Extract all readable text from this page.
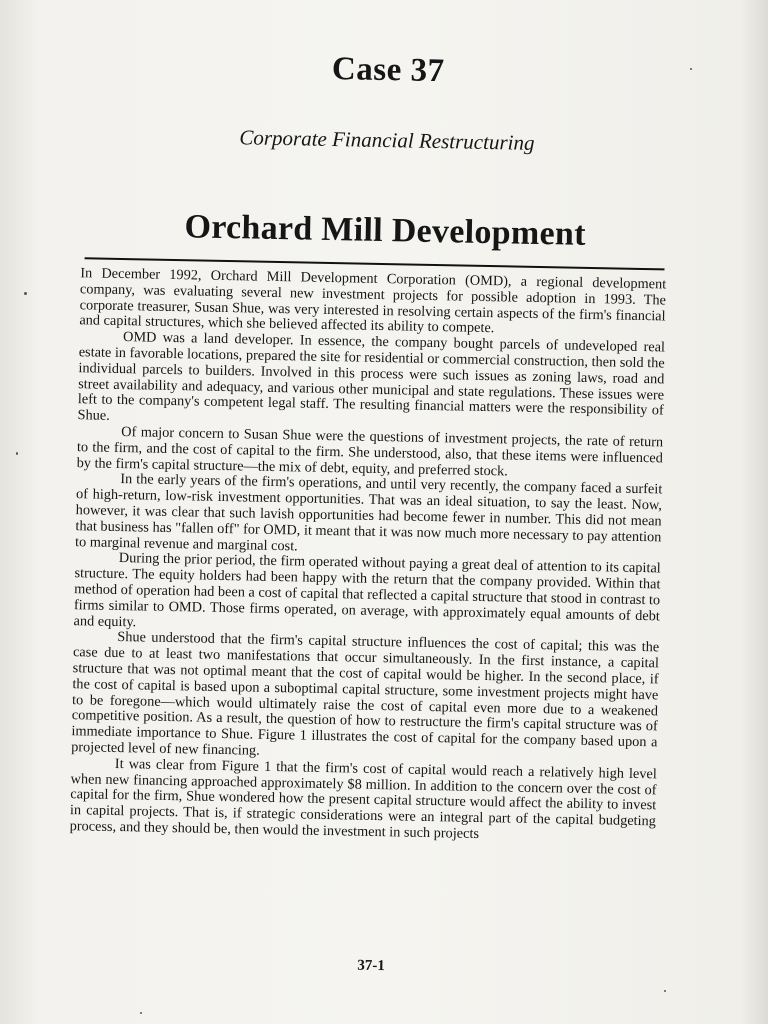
Case 37
Corporate Financial Restructuring
Orchard Mill Development

In December 1992, Orchard Mill Development Corporation (OMD), a regional development company, was evaluating several new investment projects for possible adoption in 1993. The corporate treasurer, Susan Shue, was very interested in resolving certain aspects of the firm's financial and capital structures, which she believed affected its ability to compete.

OMD was a land developer. In essence, the company bought parcels of undeveloped real estate in favorable locations, prepared the site for residential or commercial construction, then sold the individual parcels to builders. Involved in this process were such issues as zoning laws, road and street availability and adequacy, and various other municipal and state regulations. These issues were left to the company's competent legal staff. The resulting financial matters were the responsibility of Shue.

Of major concern to Susan Shue were the questions of investment projects, the rate of return to the firm, and the cost of capital to the firm. She understood, also, that these items were influenced by the firm's capital structure—the mix of debt, equity, and preferred stock.

In the early years of the firm's operations, and until very recently, the company faced a surfeit of high-return, low-risk investment opportunities. That was an ideal situation, to say the least. Now, however, it was clear that such lavish opportunities had become fewer in number. This did not mean that business has "fallen off" for OMD, it meant that it was now much more necessary to pay attention to marginal revenue and marginal cost.

During the prior period, the firm operated without paying a great deal of attention to its capital structure. The equity holders had been happy with the return that the company provided. Within that method of operation had been a cost of capital that reflected a capital structure that stood in contrast to firms similar to OMD. Those firms operated, on average, with approximately equal amounts of debt and equity.

Shue understood that the firm's capital structure influences the cost of capital; this was the case due to at least two manifestations that occur simultaneously. In the first instance, a capital structure that was not optimal meant that the cost of capital would be higher. In the second place, if the cost of capital is based upon a suboptimal capital structure, some investment projects might have to be foregone—which would ultimately raise the cost of capital even more due to a weakened competitive position. As a result, the question of how to restructure the firm's capital structure was of immediate importance to Shue. Figure 1 illustrates the cost of capital for the company based upon a projected level of new financing.

It was clear from Figure 1 that the firm's cost of capital would reach a relatively high level when new financing approached approximately $8 million. In addition to the concern over the cost of capital for the firm, Shue wondered how the present capital structure would affect the ability to invest in capital projects. That is, if strategic considerations were an integral part of the capital budgeting process, and they should be, then would the investment in such projects

37-1
